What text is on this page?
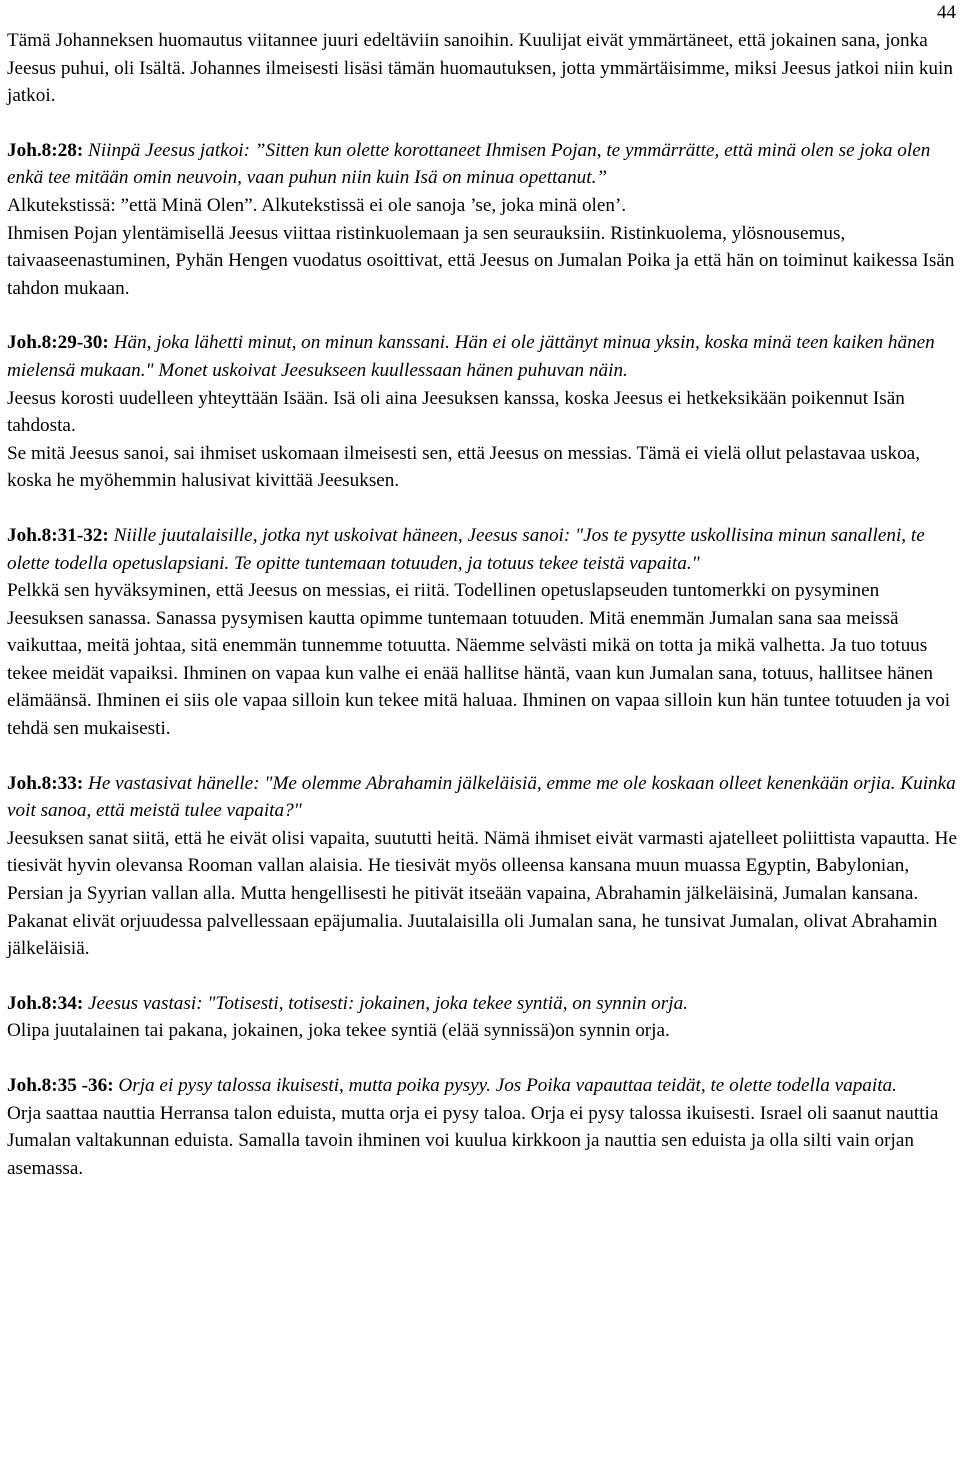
44

Tämä Johanneksen huomautus viitannee juuri edeltäviin sanoihin. Kuulijat eivät ymmärtäneet, että jokainen sana, jonka Jeesus puhui, oli Isältä. Johannes ilmeisesti lisäsi tämän huomautuksen, jotta ymmärtäisimme, miksi Jeesus jatkoi niin kuin jatkoi.

Joh.8:28: Niinpä Jeesus jatkoi: ”Sitten kun olette korottaneet Ihmisen Pojan, te ymmärrätte, että minä olen se joka olen enkä tee mitään omin neuvoin, vaan puhun niin kuin Isä on minua opettanut.”

Alkutekstissä: ”että Minä Olen”. Alkutekstissä ei ole sanoja ’se, joka minä olen’.

Ihmisen Pojan ylentämisellä Jeesus viittaa ristinkuolemaan ja sen seurauksiin. Ristinkuolema, ylösnousemus, taivaaseenastuminen, Pyhän Hengen vuodatus osoittivat, että Jeesus on Jumalan Poika ja että hän on toiminut kaikessa Isän tahdon mukaan.

Joh.8:29-30: Hän, joka lähetti minut, on minun kanssani. Hän ei ole jättänyt minua yksin, koska minä teen kaiken hänen mielensä mukaan." Monet uskoivat Jeesukseen kuullessaan hänen puhuvan näin.

Jeesus korosti uudelleen yhteyttään Isään. Isä oli aina Jeesuksen kanssa, koska Jeesus ei hetkeksikään poikennut Isän tahdosta.

Se mitä Jeesus sanoi, sai ihmiset uskomaan ilmeisesti sen, että Jeesus on messias. Tämä ei vielä ollut pelastavaa uskoa, koska he myöhemmin halusivat kivittää Jeesuksen.

Joh.8:31-32: Niille juutalaisille, jotka nyt uskoivat häneen, Jeesus sanoi: "Jos te pysytte uskollisina minun sanalleni, te olette todella opetuslapsiani. Te opitte tuntemaan totuuden, ja totuus tekee teistä vapaita."

Pelkkä sen hyväksyminen, että Jeesus on messias, ei riitä. Todellinen opetuslapseuden tuntomerkki on pysyminen Jeesuksen sanassa. Sanassa pysymisen kautta opimme tuntemaan totuuden. Mitä enemmän Jumalan sana saa meissä vaikuttaa, meitä johtaa, sitä enemmän tunnemme totuutta. Näemme selvästi mikä on totta ja mikä valhetta. Ja tuo totuus tekee meidät vapaiksi. Ihminen on vapaa kun valhe ei enää hallitse häntä, vaan kun Jumalan sana, totuus, hallitsee hänen elämäänsä. Ihminen ei siis ole vapaa silloin kun tekee mitä haluaa. Ihminen on vapaa silloin kun hän tuntee totuuden ja voi tehdä sen mukaisesti.

Joh.8:33: He vastasivat hänelle: "Me olemme Abrahamin jälkeläisiä, emme me ole koskaan olleet kenenkään orjia. Kuinka voit sanoa, että meistä tulee vapaita?"

Jeesuksen sanat siitä, että he eivät olisi vapaita, suututti heitä. Nämä ihmiset eivät varmasti ajatelleet poliittista vapautta. He tiesivät hyvin olevansa Rooman vallan alaisia. He tiesivät myös olleensa kansana muun muassa Egyptin, Babylonian, Persian ja Syyrian vallan alla. Mutta hengellisesti he pitivät itseään vapaina, Abrahamin jälkeläisinä, Jumalan kansana. Pakanat elivät orjuudessa palvellessaan epäjumalia. Juutalaisilla oli Jumalan sana, he tunsivat Jumalan, olivat Abrahamin jälkeläisiä.

Joh.8:34: Jeesus vastasi: "Totisesti, totisesti: jokainen, joka tekee syntiä, on synnin orja.

Olipa juutalainen tai pakana, jokainen, joka tekee syntiä (elää synnissä)on synnin orja.

Joh.8:35 -36: Orja ei pysy talossa ikuisesti, mutta poika pysyy. Jos Poika vapauttaa teidät, te olette todella vapaita.

Orja saattaa nauttia Herransa talon eduista, mutta orja ei pysy taloa. Orja ei pysy talossa ikuisesti. Israel oli saanut nauttia Jumalan valtakunnan eduista. Samalla tavoin ihminen voi kuulua kirkkoon ja nauttia sen eduista ja olla silti vain orjan asemassa.
